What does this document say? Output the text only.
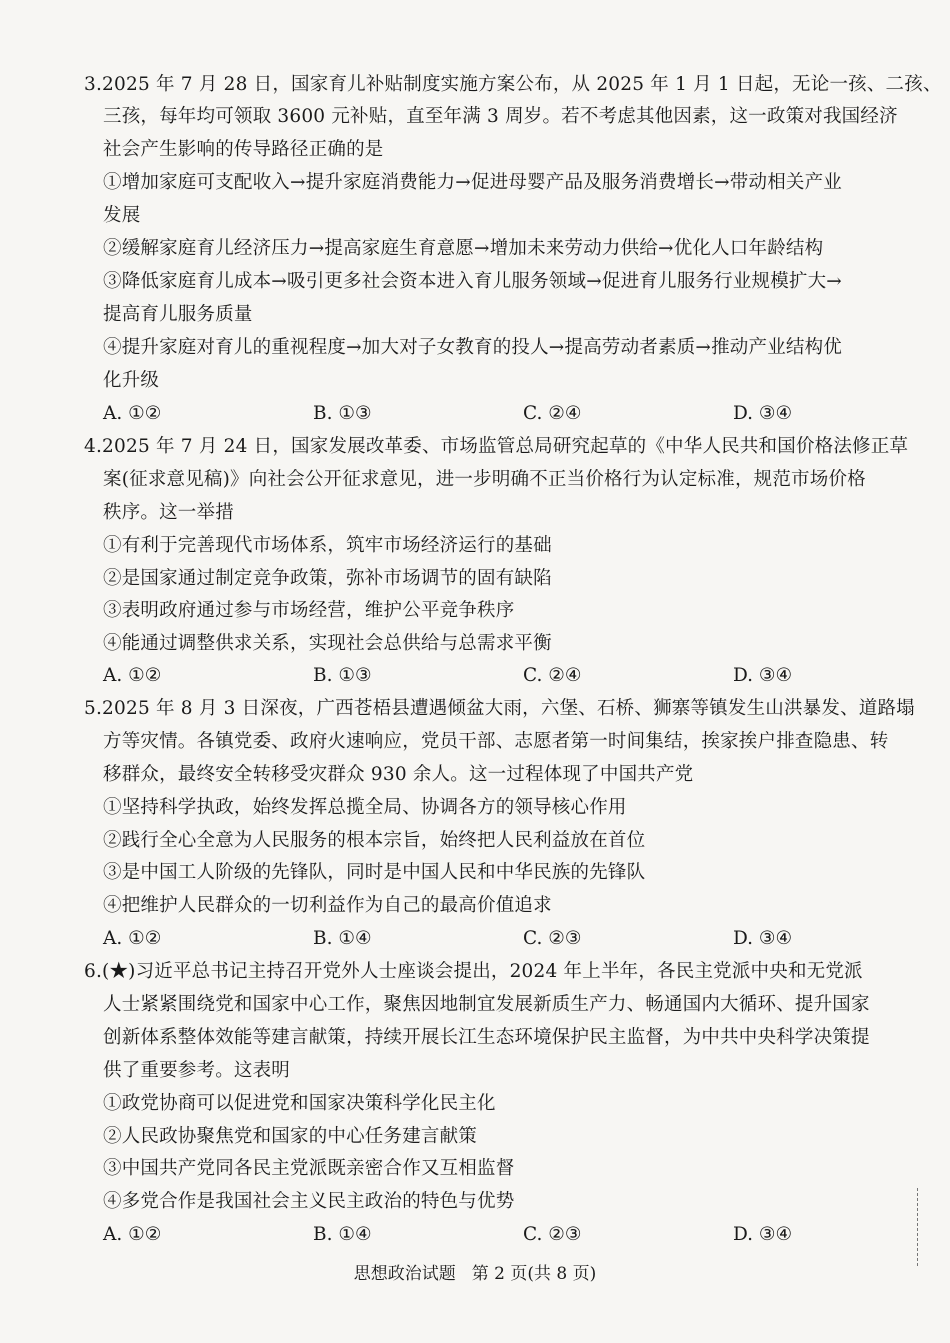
3.2025 年 7 月 28 日，国家育儿补贴制度实施方案公布，从 2025 年 1 月 1 日起，无论一孩、二孩、
三孩，每年均可领取 3600 元补贴，直至年满 3 周岁。若不考虑其他因素，这一政策对我国经济
社会产生影响的传导路径正确的是
①增加家庭可支配收入→提升家庭消费能力→促进母婴产品及服务消费增长→带动相关产业
发展
②缓解家庭育儿经济压力→提高家庭生育意愿→增加未来劳动力供给→优化人口年龄结构
③降低家庭育儿成本→吸引更多社会资本进入育儿服务领域→促进育儿服务行业规模扩大→
提高育儿服务质量
④提升家庭对育儿的重视程度→加大对子女教育的投人→提高劳动者素质→推动产业结构优
化升级
A. ①②	B. ①③	C. ②④	D. ③④
4.2025 年 7 月 24 日，国家发展改革委、市场监管总局研究起草的《中华人民共和国价格法修正草
案(征求意见稿)》向社会公开征求意见，进一步明确不正当价格行为认定标准，规范市场价格
秩序。这一举措
①有利于完善现代市场体系，筑牢市场经济运行的基础
②是国家通过制定竞争政策，弥补市场调节的固有缺陷
③表明政府通过参与市场经营，维护公平竞争秩序
④能通过调整供求关系，实现社会总供给与总需求平衡
A. ①②	B. ①③	C. ②④	D. ③④
5.2025 年 8 月 3 日深夜，广西苍梧县遭遇倾盆大雨，六堡、石桥、狮寨等镇发生山洪暴发、道路塌
方等灾情。各镇党委、政府火速响应，党员干部、志愿者第一时间集结，挨家挨户排查隐患、转
移群众，最终安全转移受灾群众 930 余人。这一过程体现了中国共产党
①坚持科学执政，始终发挥总揽全局、协调各方的领导核心作用
②践行全心全意为人民服务的根本宗旨，始终把人民利益放在首位
③是中国工人阶级的先锋队，同时是中国人民和中华民族的先锋队
④把维护人民群众的一切利益作为自己的最高价值追求
A. ①②	B. ①④	C. ②③	D. ③④
6.(★)习近平总书记主持召开党外人士座谈会提出，2024 年上半年，各民主党派中央和无党派
人士紧紧围绕党和国家中心工作，聚焦因地制宜发展新质生产力、畅通国内大循环、提升国家
创新体系整体效能等建言献策，持续开展长江生态环境保护民主监督，为中共中央科学决策提
供了重要参考。这表明
①政党协商可以促进党和国家决策科学化民主化
②人民政协聚焦党和国家的中心任务建言献策
③中国共产党同各民主党派既亲密合作又互相监督
④多党合作是我国社会主义民主政治的特色与优势
A. ①②	B. ①④	C. ②③	D. ③④
思想政治试题 第 2 页(共 8 页)
